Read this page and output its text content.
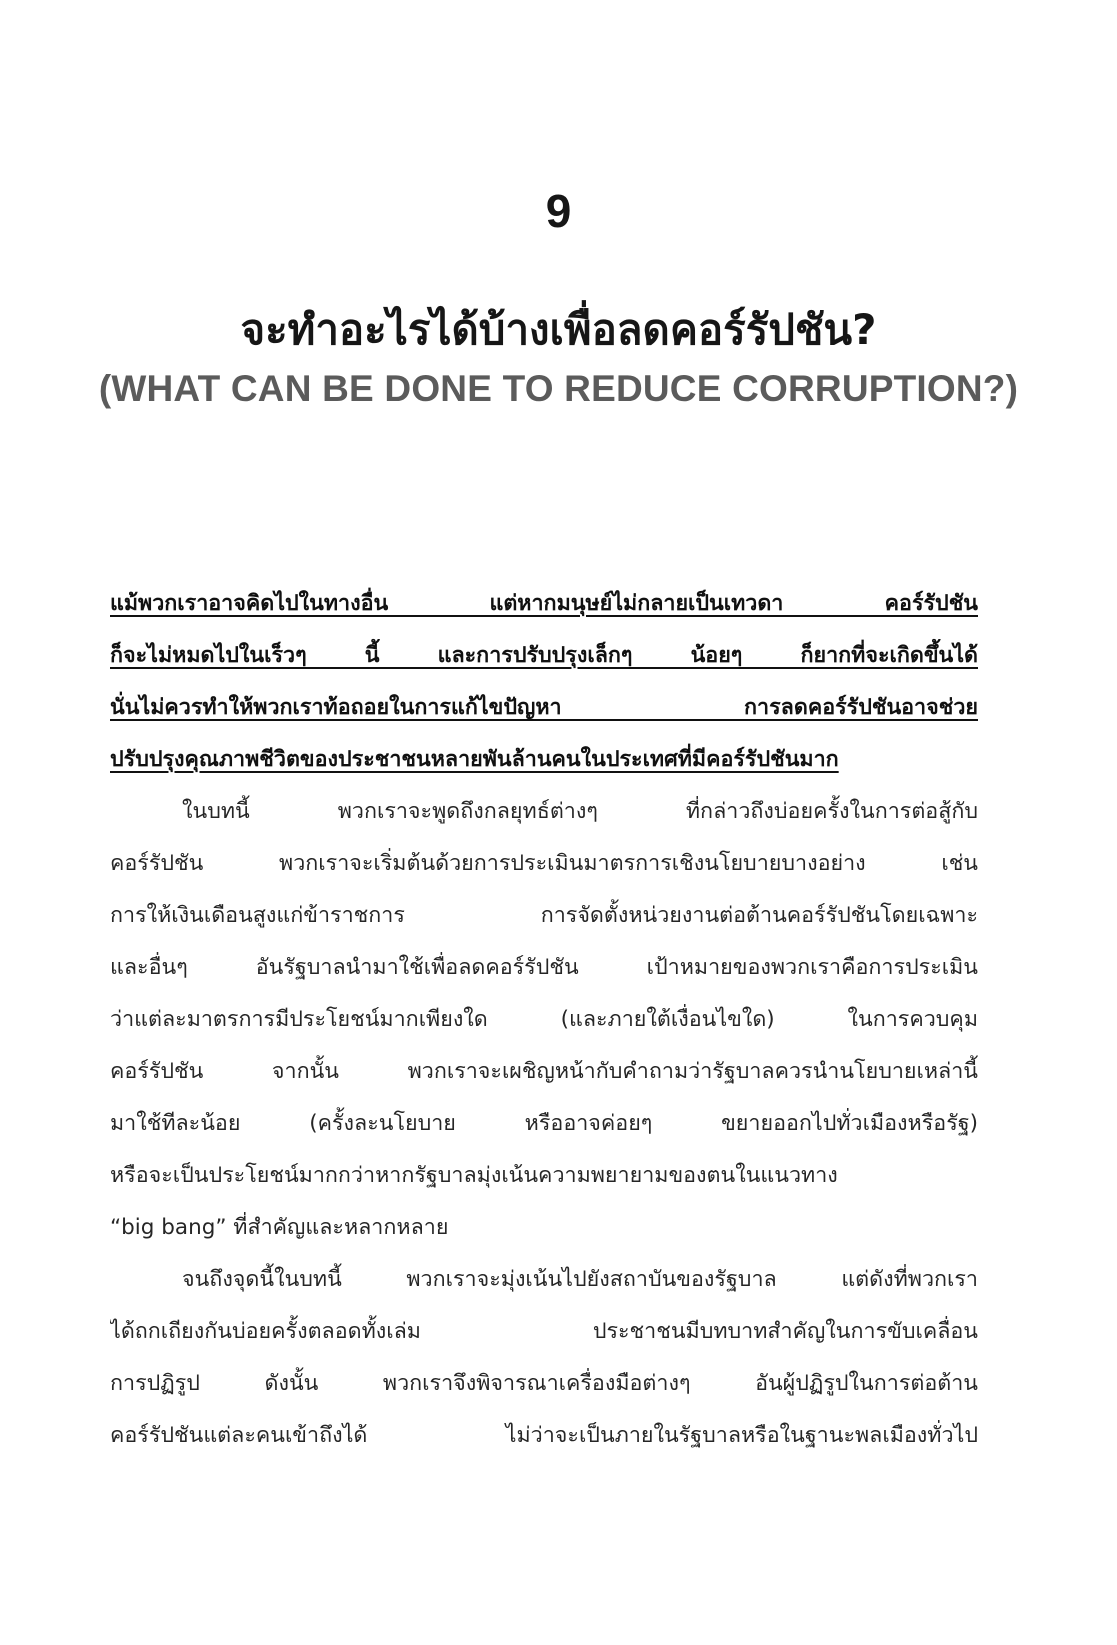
9
จะทำอะไรได้บ้างเพื่อลดคอร์รัปชัน?
(WHAT CAN BE DONE TO REDUCE CORRUPTION?)
แม้พวกเราอาจคิดไปในทางอื่น แต่หากมนุษย์ไม่กลายเป็นเทวดา คอร์รัปชัน
ก็จะไม่หมดไปในเร็วๆ นี้ และการปรับปรุงเล็กๆ น้อยๆ ก็ยากที่จะเกิดขึ้นได้
นั่นไม่ควรทำให้พวกเราท้อถอยในการแก้ไขปัญหา การลดคอร์รัปชันอาจช่วย
ปรับปรุงคุณภาพชีวิตของประชาชนหลายพันล้านคนในประเทศที่มีคอร์รัปชันมาก
ในบทนี้ พวกเราจะพูดถึงกลยุทธ์ต่างๆ ที่กล่าวถึงบ่อยครั้งในการต่อสู้กับ
คอร์รัปชัน พวกเราจะเริ่มต้นด้วยการประเมินมาตรการเชิงนโยบายบางอย่าง เช่น
การให้เงินเดือนสูงแก่ข้าราชการ การจัดตั้งหน่วยงานต่อต้านคอร์รัปชันโดยเฉพาะ
และอื่นๆ อันรัฐบาลนำมาใช้เพื่อลดคอร์รัปชัน เป้าหมายของพวกเราคือการประเมิน
ว่าแต่ละมาตรการมีประโยชน์มากเพียงใด (และภายใต้เงื่อนไขใด) ในการควบคุม
คอร์รัปชัน จากนั้น พวกเราจะเผชิญหน้ากับคำถามว่ารัฐบาลควรนำนโยบายเหล่านี้
มาใช้ทีละน้อย (ครั้งละนโยบาย หรืออาจค่อยๆ ขยายออกไปทั่วเมืองหรือรัฐ)
หรือจะเป็นประโยชน์มากกว่าหากรัฐบาลมุ่งเน้นความพยายามของตนในแนวทาง
“big bang” ที่สำคัญและหลากหลาย
จนถึงจุดนี้ในบทนี้ พวกเราจะมุ่งเน้นไปยังสถาบันของรัฐบาล แต่ดังที่พวกเรา
ได้ถกเถียงกันบ่อยครั้งตลอดทั้งเล่ม ประชาชนมีบทบาทสำคัญในการขับเคลื่อน
การปฏิรูป ดังนั้น พวกเราจึงพิจารณาเครื่องมือต่างๆ อันผู้ปฏิรูปในการต่อต้าน
คอร์รัปชันแต่ละคนเข้าถึงได้ ไม่ว่าจะเป็นภายในรัฐบาลหรือในฐานะพลเมืองทั่วไป
